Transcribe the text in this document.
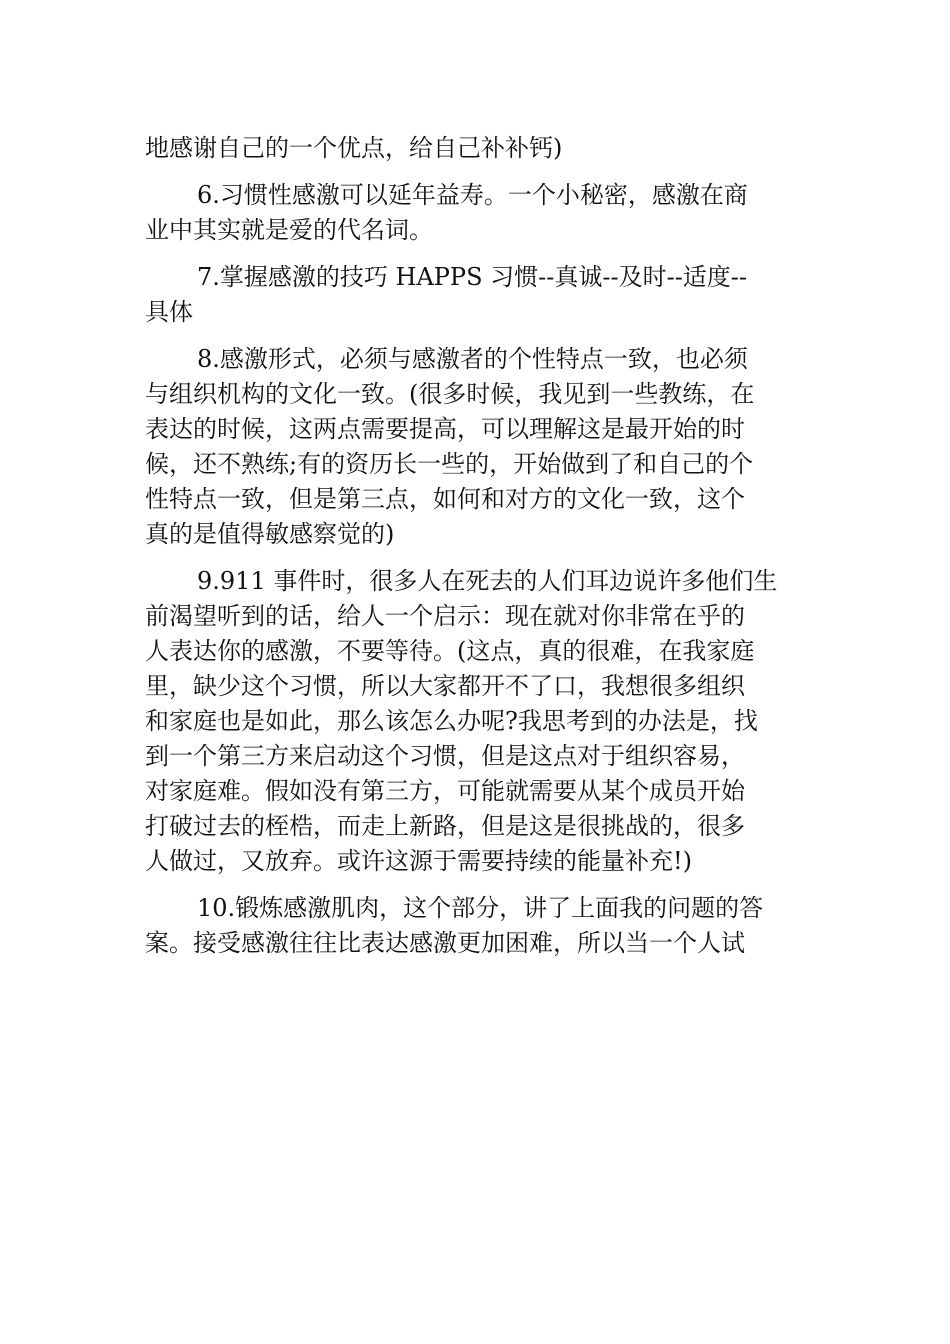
地感谢自己的一个优点，给自己补补钙)

6.习惯性感激可以延年益寿。一个小秘密，感激在商

业中其实就是爱的代名词。

7.掌握感激的技巧 HAPPS 习惯--真诚--及时--适度--

具体

8.感激形式，必须与感激者的个性特点一致，也必须

与组织机构的文化一致。(很多时候，我见到一些教练，在

表达的时候，这两点需要提高，可以理解这是最开始的时

候，还不熟练;有的资历长一些的，开始做到了和自己的个

性特点一致，但是第三点，如何和对方的文化一致，这个

真的是值得敏感察觉的)

9.911 事件时，很多人在死去的人们耳边说许多他们生

前渴望听到的话，给人一个启示：现在就对你非常在乎的

人表达你的感激，不要等待。(这点，真的很难，在我家庭

里，缺少这个习惯，所以大家都开不了口，我想很多组织

和家庭也是如此，那么该怎么办呢?我思考到的办法是，找

到一个第三方来启动这个习惯，但是这点对于组织容易，

对家庭难。假如没有第三方，可能就需要从某个成员开始

打破过去的桎梏，而走上新路，但是这是很挑战的，很多

人做过，又放弃。或许这源于需要持续的能量补充!)

10.锻炼感激肌肉，这个部分，讲了上面我的问题的答

案。接受感激往往比表达感激更加困难，所以当一个人试
